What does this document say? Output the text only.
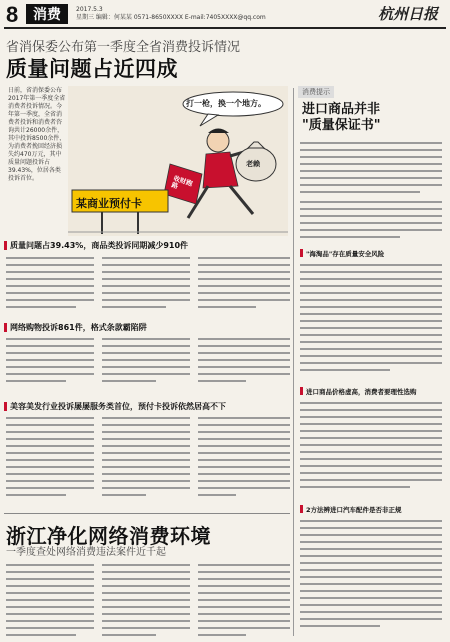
8	消费	2017.5.3
星期三 编辑：何某某 0571-8650XXXX E-mail:7405XXXX@qq.com	杭州日报
省消保委公布第一季度全省消费投诉情况
质量问题占近四成
日前，省消保委公布2017年第一季度全省消费者投诉情况。今年第一季度，全省消费者投诉和消费者咨询共计26000余件，其中投诉8500余件，为消费者挽回经济损失约470万元，其中质量问题投诉占39.43%，位居各类投诉首位。
打一枪，换一个地方。
某商业预付卡
老赖
收财跑路
质量问题占39.43%，商品类投诉同期减少910件
网络购物投诉861件，格式条款霸陷阱
美容美发行业投诉屡屡服务类首位，预付卡投诉依然居高不下
浙江净化网络消费环境
一季度查处网络消费违法案件近千起
消费提示
进口商品并非
"质量保证书"
"海淘品"存在质量安全风险
进口商品价格虚高，消费者要理性选购
2方法辨进口汽车配件是否非正规
